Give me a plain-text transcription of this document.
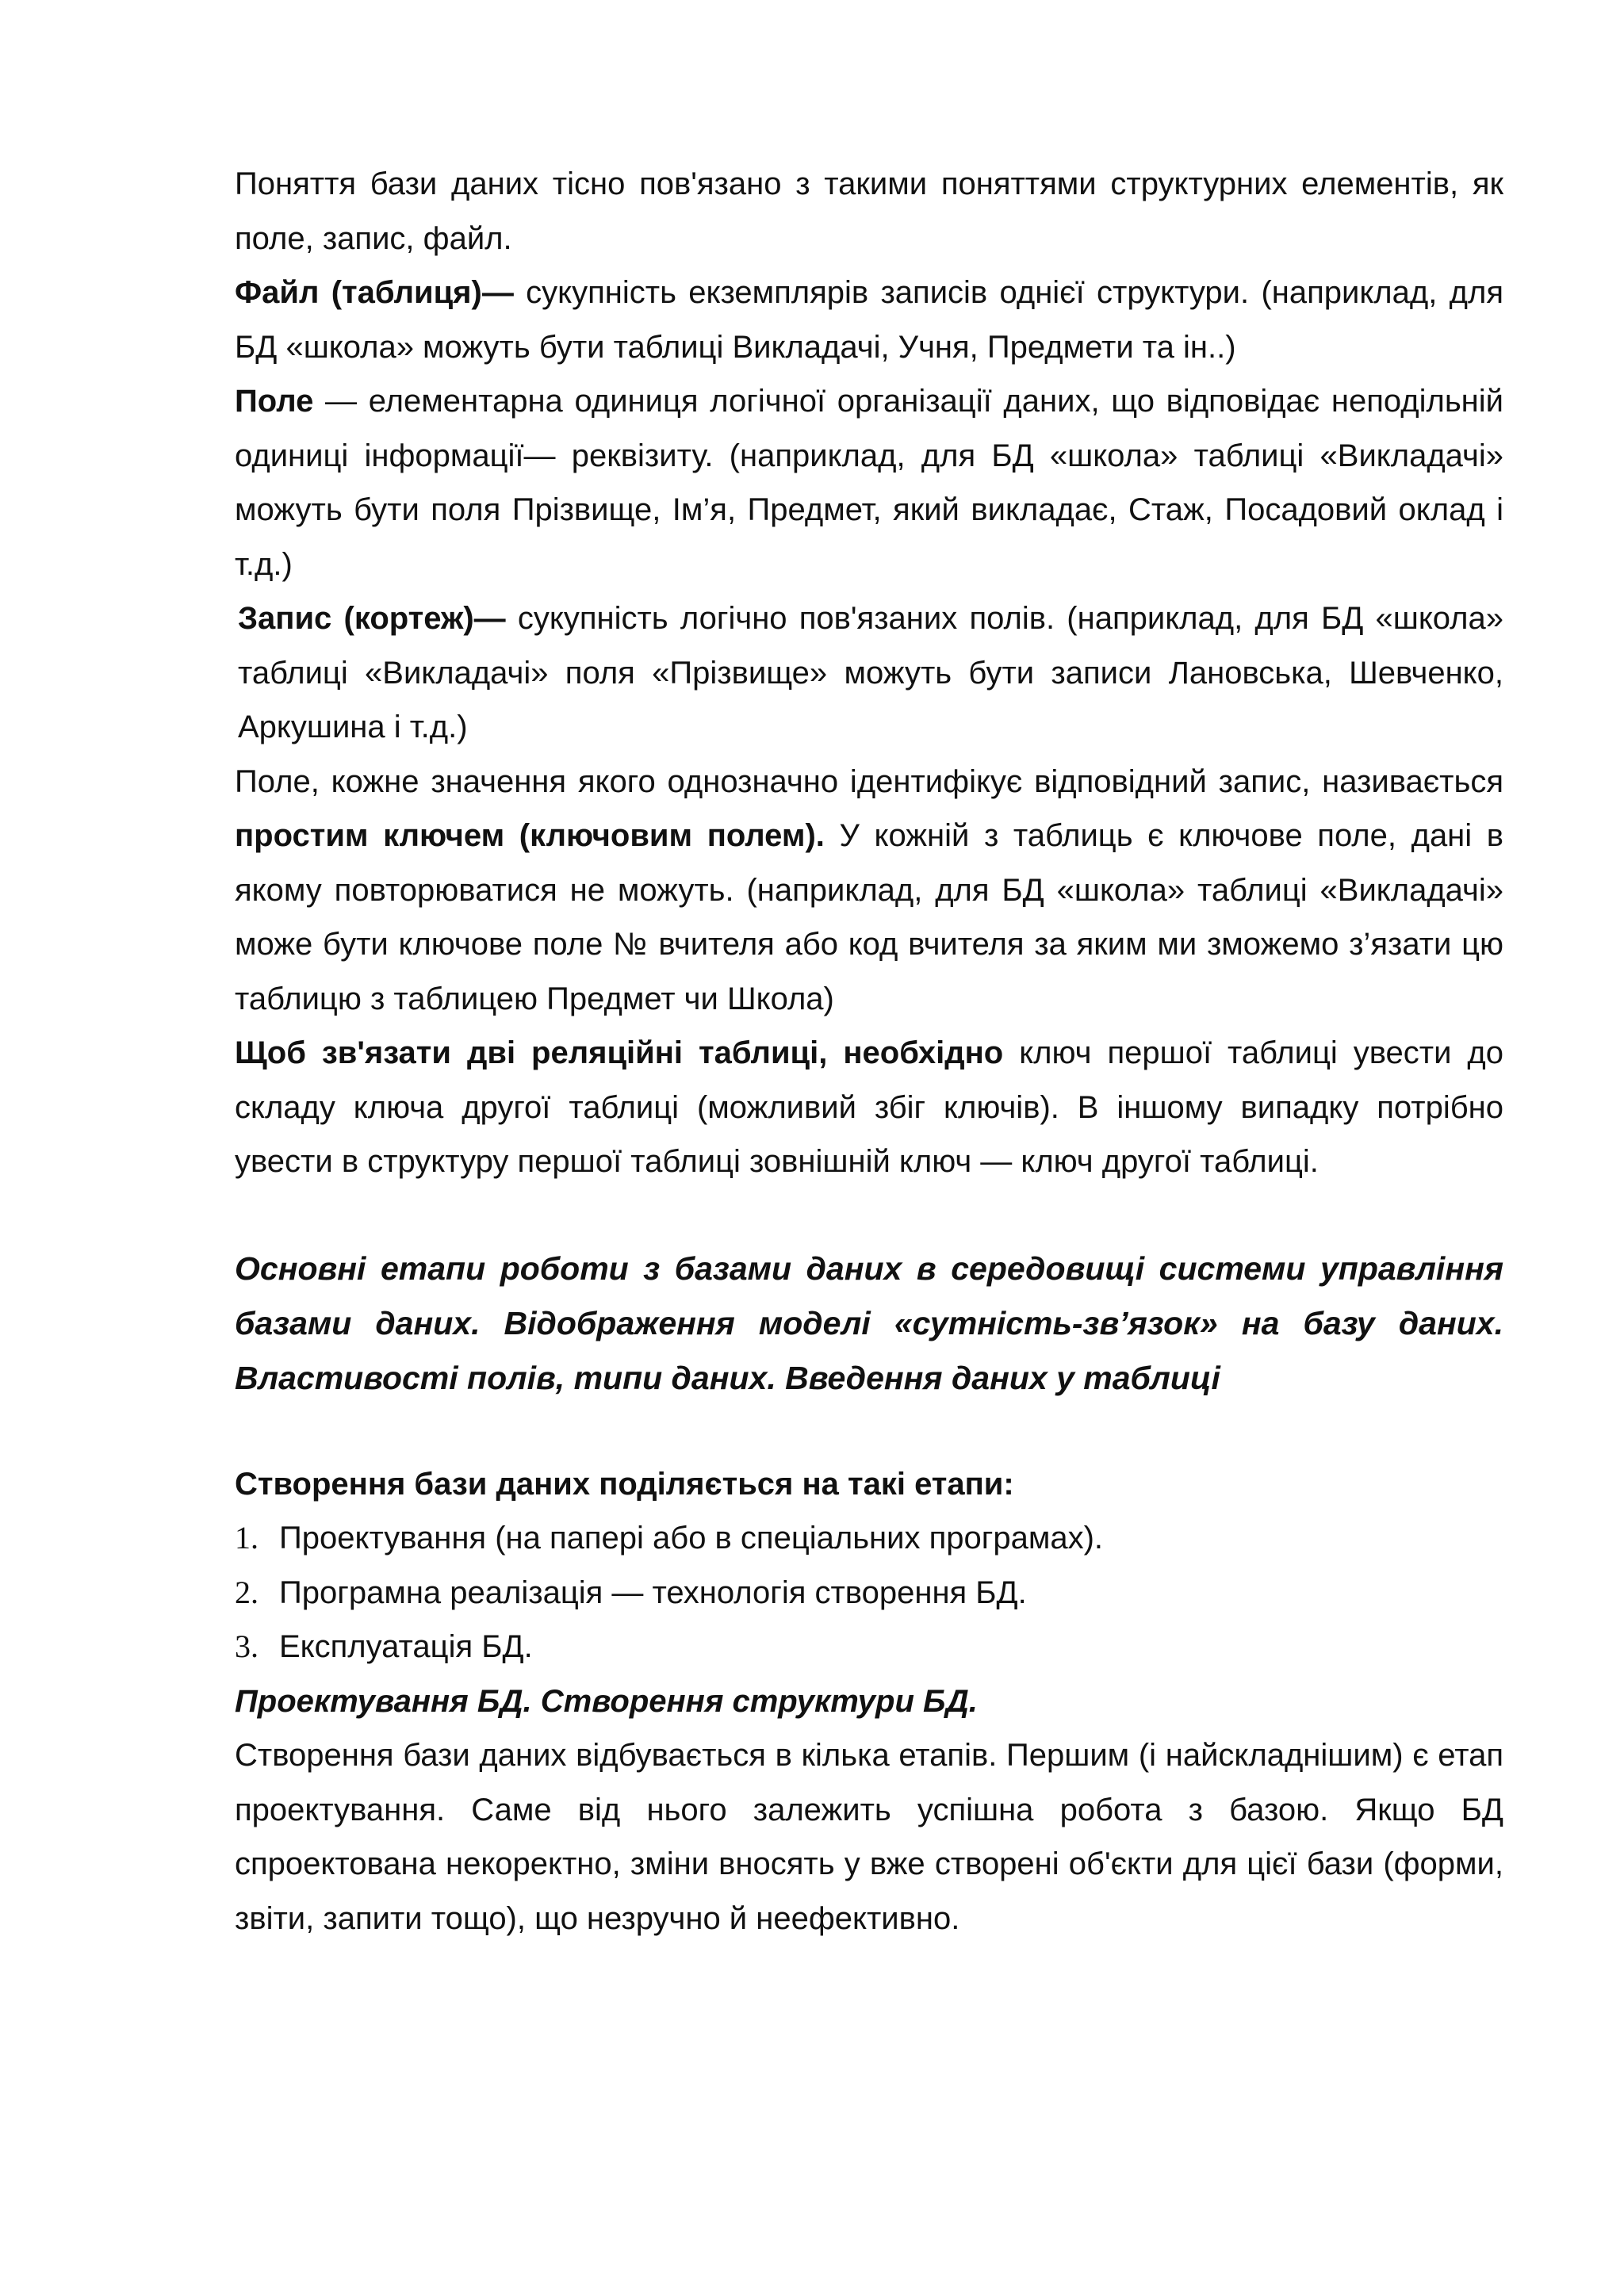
Поняття бази даних тісно пов'язано з такими поняттями структурних елементів, як поле, запис, файл.

Файл (таблиця)— сукупність екземплярів записів однієї структури. (наприклад, для БД «школа» можуть бути таблиці Викладачі, Учня, Предмети та ін..)

Поле — елементарна одиниця логічної організації даних, що відповідає неподільній одиниці інформації— реквізиту. (наприклад, для БД «школа» таблиці «Викладачі» можуть бути поля Прізвище, Ім’я, Предмет, який викладає, Стаж, Посадовий оклад і т.д.)

Запис (кортеж)— сукупність логічно пов'язаних полів. (наприклад, для БД «школа» таблиці «Викладачі» поля «Прізвище» можуть бути записи Лановська, Шевченко, Аркушина і т.д.)

Поле, кожне значення якого однозначно ідентифікує відповідний запис, називається простим ключем (ключовим полем). У кожній з таблиць є ключове поле, дані в якому повторюватися не можуть. (наприклад, для БД «школа» таблиці «Викладачі» може бути ключове поле № вчителя або код вчителя за яким ми зможемо з’язати цю таблицю з таблицею Предмет чи Школа)

Щоб зв'язати дві реляційні таблиці, необхідно ключ першої таблиці увести до складу ключа другої таблиці (можливий збіг ключів). В іншому випадку потрібно увести в структуру першої таблиці зовнішній ключ — ключ другої таблиці.

Основні етапи роботи з базами даних в середовищі системи управління базами даних. Відображення моделі «сутність-зв’язок» на базу даних. Властивості полів, типи даних. Введення даних у таблиці

Створення бази даних поділяється на такі етапи:

1. Проектування (на папері або в спеціальних програмах).

2. Програмна реалізація — технологія створення БД.

3. Експлуатація БД.

Проектування БД. Створення структури БД.

Створення бази даних відбувається в кілька етапів. Першим (і найскладнішим) є етап проектування. Саме від нього залежить успішна робота з базою. Якщо БД спроектована некоректно, зміни вносять у вже створені об'єкти для цієї бази (форми, звіти, запити тощо), що незручно й неефективно.
